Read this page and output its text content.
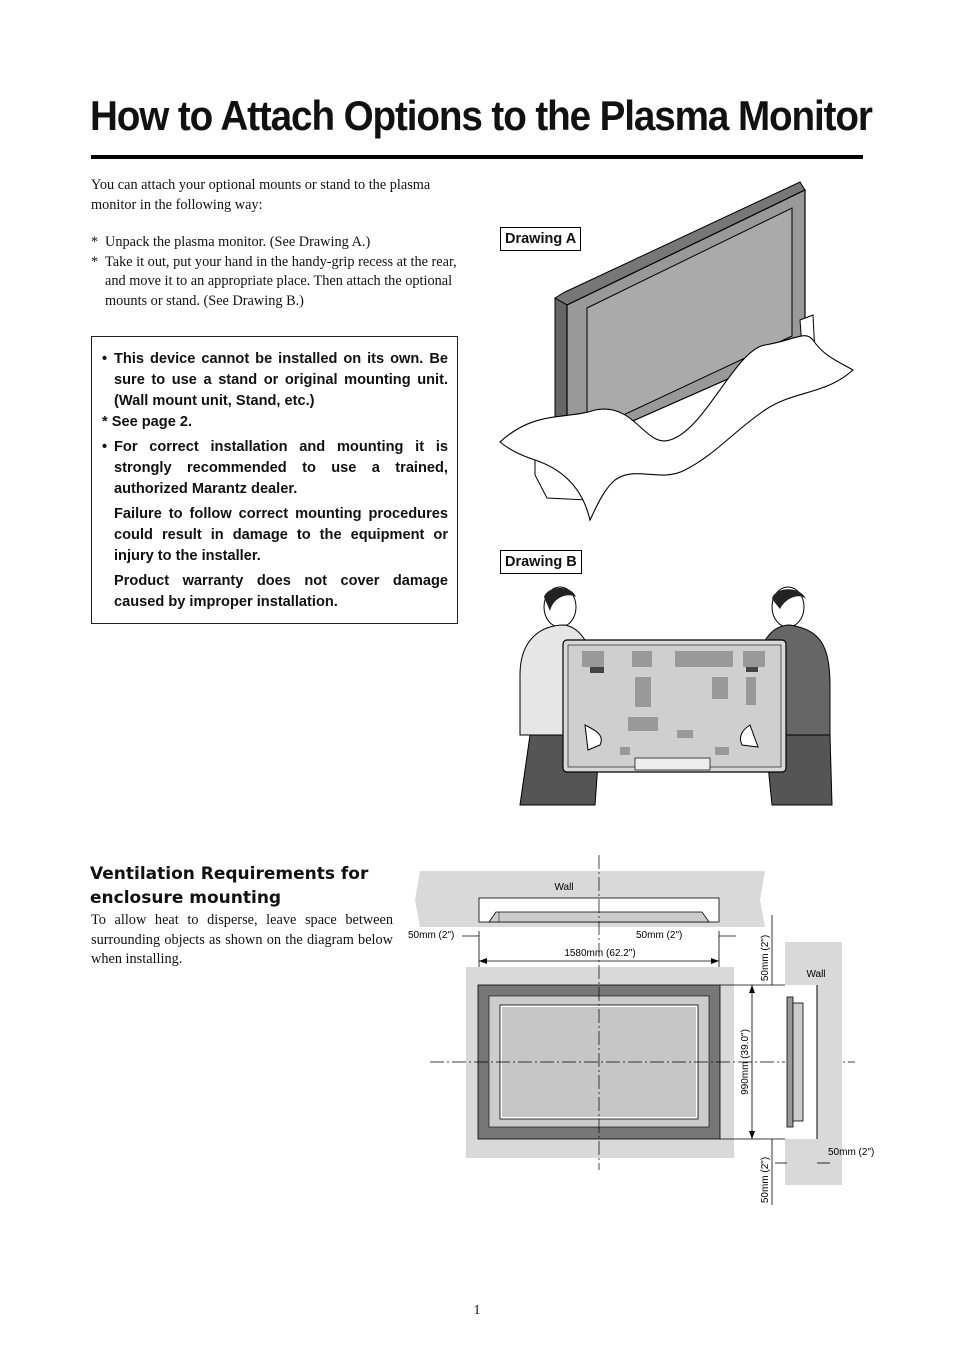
How to Attach Options to the Plasma Monitor

You can attach your optional mounts or stand to the plasma monitor in the following way:

* Unpack the plasma monitor. (See Drawing A.)
* Take it out, put your hand in the handy-grip recess at the rear, and move it to an appropriate place. Then attach the optional mounts or stand. (See Drawing B.)
• This device cannot be installed on its own. Be sure to use a stand or original mounting unit. (Wall mount unit, Stand, etc.)
* See page 2.
• For correct installation and mounting it is strongly recommended to use a trained, authorized Marantz dealer.
Failure to follow correct mounting procedures could result in damage to the equipment or injury to the installer.
Product warranty does not cover damage caused by improper installation.
Drawing A
Drawing B
Ventilation Requirements for enclosure mounting
To allow heat to disperse, leave space between surrounding objects as shown on the diagram below when installing.
Wall
50mm (2")	50mm (2")
1580mm (62.2")
990mm (39.0")
50mm (2")
50mm (2")
Wall
50mm (2")
1
